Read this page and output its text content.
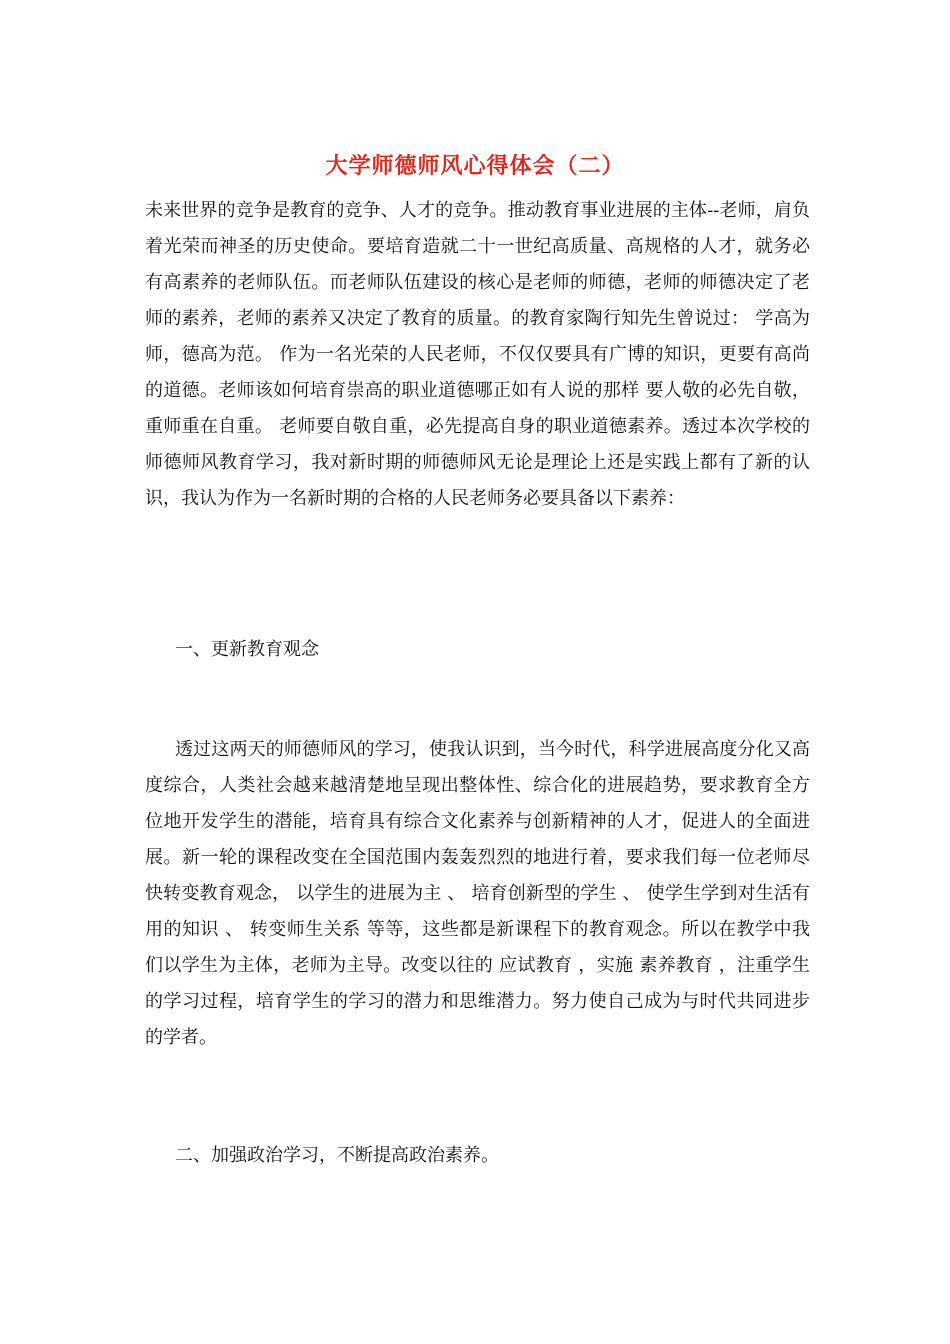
大学师德师风心得体会（二）

未来世界的竞争是教育的竞争、人才的竞争。推动教育事业进展的主体--老师，肩负着光荣而神圣的历史使命。要培育造就二十一世纪高质量、高规格的人才，就务必有高素养的老师队伍。而老师队伍建设的核心是老师的师德，老师的师德决定了老师的素养，老师的素养又决定了教育的质量。的教育家陶行知先生曾说过： 学高为师，德高为范。 作为一名光荣的人民老师，不仅仅要具有广博的知识，更要有高尚的道德。老师该如何培育崇高的职业道德哪正如有人说的那样 要人敬的必先自敬，重师重在自重。 老师要自敬自重，必先提高自身的职业道德素养。透过本次学校的师德师风教育学习，我对新时期的师德师风无论是理论上还是实践上都有了新的认识，我认为作为一名新时期的合格的人民老师务必要具备以下素养：

一、更新教育观念

透过这两天的师德师风的学习，使我认识到，当今时代，科学进展高度分化又高度综合，人类社会越来越清楚地呈现出整体性、综合化的进展趋势，要求教育全方位地开发学生的潜能，培育具有综合文化素养与创新精神的人才，促进人的全面进展。新一轮的课程改变在全国范围内轰轰烈烈的地进行着，要求我们每一位老师尽快转变教育观念， 以学生的进展为主 、 培育创新型的学生 、 使学生学到对生活有用的知识 、 转变师生关系 等等，这些都是新课程下的教育观念。所以在教学中我们以学生为主体，老师为主导。改变以往的 应试教育 ，实施 素养教育 ，注重学生的学习过程，培育学生的学习的潜力和思维潜力。努力使自己成为与时代共同进步的学者。

二、加强政治学习，不断提高政治素养。
